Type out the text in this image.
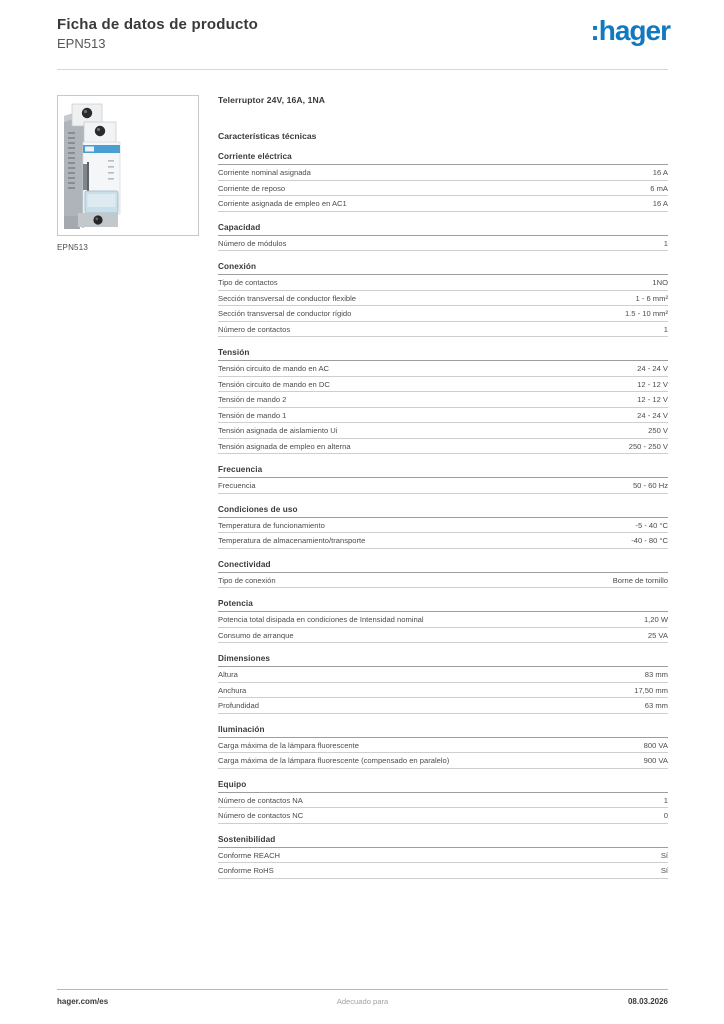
Ficha de datos de producto
EPN513	:hager
EPN513
Telerruptor 24V, 16A, 1NA
Características técnicas
Corriente eléctrica
Corriente nominal asignada	16 A
Corriente de reposo	6 mA
Corriente asignada de empleo en AC1	16 A
Capacidad
Número de módulos	1
Conexión
Tipo de contactos	1NO
Sección transversal de conductor flexible	1 - 6 mm²
Sección transversal de conductor rígido	1.5 - 10 mm²
Número de contactos	1
Tensión
Tensión circuito de mando en AC	24 - 24 V
Tensión circuito de mando en DC	12 - 12 V
Tensión de mando 2	12 - 12 V
Tensión de mando 1	24 - 24 V
Tensión asignada de aislamiento Ui	250 V
Tensión asignada de empleo en alterna	250 - 250 V
Frecuencia
Frecuencia	50 - 60 Hz
Condiciones de uso
Temperatura de funcionamiento	-5 - 40 °C
Temperatura de almacenamiento/transporte	-40 - 80 °C
Conectividad
Tipo de conexión	Borne de tornillo
Potencia
Potencia total disipada en condiciones de Intensidad nominal	1,20 W
Consumo de arranque	25 VA
Dimensiones
Altura	83 mm
Anchura	17,50 mm
Profundidad	63 mm
Iluminación
Carga máxima de la lámpara fluorescente	800 VA
Carga máxima de la lámpara fluorescente (compensado en paralelo)	900 VA
Equipo
Número de contactos NA	1
Número de contactos NC	0
Sostenibilidad
Conforme REACH	Sí
Conforme RoHS	Sí
hager.com/es	Adecuado para	08.03.2026
